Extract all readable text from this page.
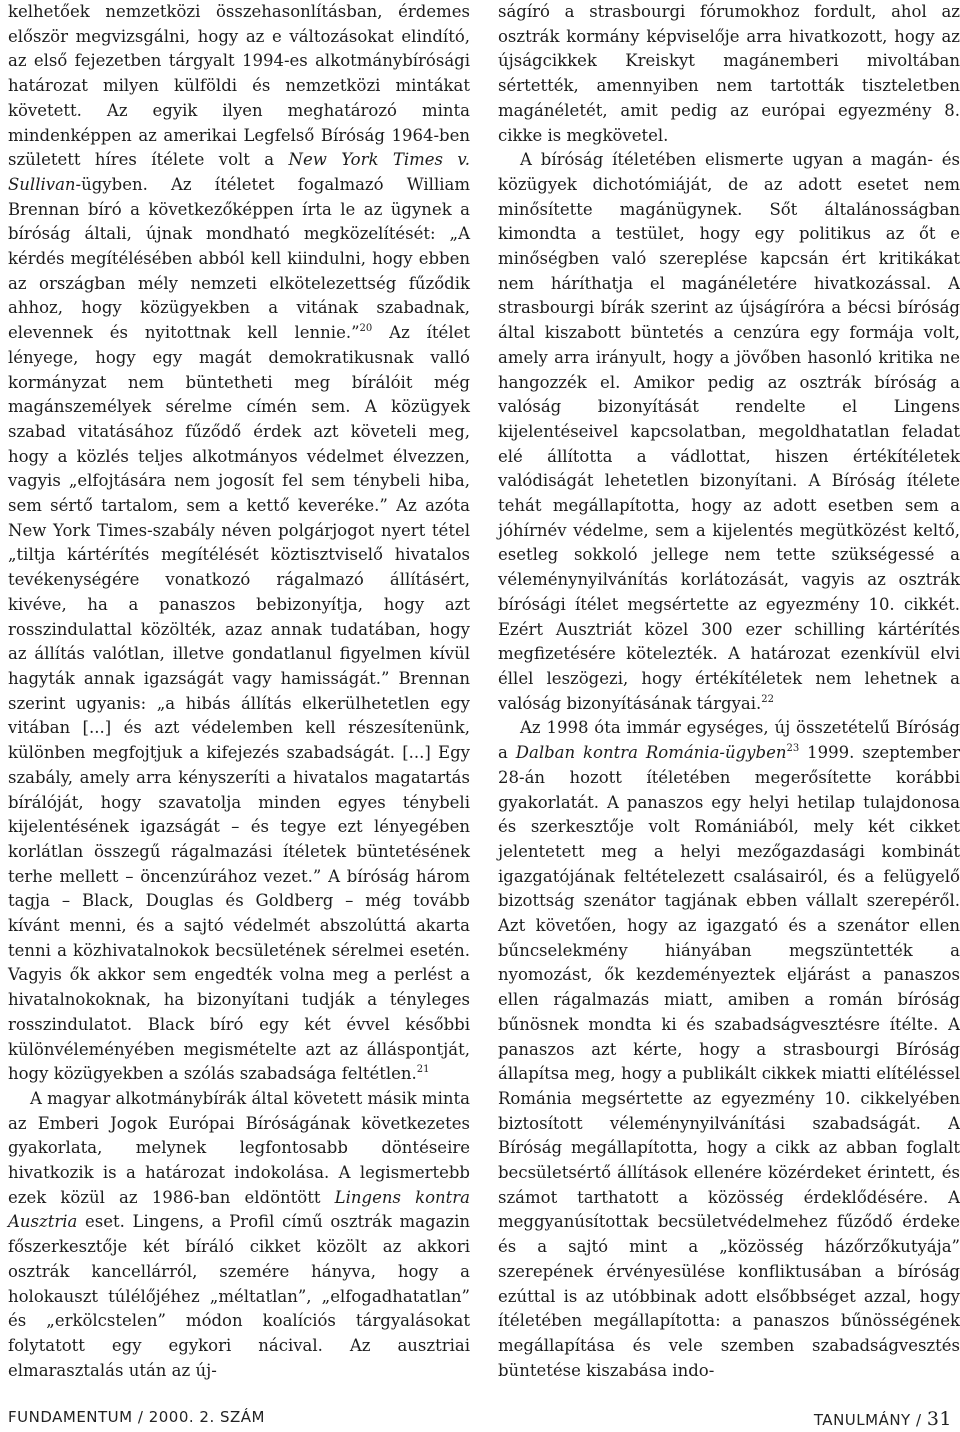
kelhetőek nemzetközi összehasonlításban, érdemes először megvizsgálni, hogy az e változásokat elindító, az első fejezetben tárgyalt 1994-es alkotmánybírósági határozat milyen külföldi és nemzetközi mintákat követett. Az egyik ilyen meghatározó minta mindenképpen az amerikai Legfelső Bíróság 1964-ben született híres ítélete volt a New York Times v. Sullivan-ügyben. Az ítéletet fogalmazó William Brennan bíró a következőképpen írta le az ügynek a bíróság általi, újnak mondható megközelítését: „A kérdés megítélésében abból kell kiindulni, hogy ebben az országban mély nemzeti elkötelezettség fűződik ahhoz, hogy közügyekben a vitának szabadnak, elevennek és nyitottnak kell lennie.”$^{20}$ Az ítélet lényege, hogy egy magát demokratikusnak valló kormányzat nem büntetheti meg bírálóit még magánszemélyek sérelme címén sem. A közügyek szabad vitatásához fűződő érdek azt követeli meg, hogy a közlés teljes alkotmányos védelmet élvezzen, vagyis „elfojtására nem jogosít fel sem ténybeli hiba, sem sértő tartalom, sem a kettő keveréke.” Az azóta New York Times-szabály néven polgárjogot nyert tétel „tiltja kártérítés megítélését köztisztviselő hivatalos tevékenységére vonatkozó rágalmazó állításért, kivéve, ha a panaszos bebizonyítja, hogy azt rosszindulattal közölték, azaz annak tudatában, hogy az állítás valótlan, illetve gondatlanul figyelmen kívül hagyták annak igazságát vagy hamisságát.” Brennan szerint ugyanis: „a hibás állítás elkerülhetetlen egy vitában [...] és azt védelemben kell részesítenünk, különben megfojtjuk a kifejezés szabadságát. [...] Egy szabály, amely arra kényszeríti a hivatalos magatartás bírálóját, hogy szavatolja minden egyes ténybeli kijelentésének igazságát – és tegye ezt lényegében korlátlan összegű rágalmazási ítéletek büntetésének terhe mellett – öncenzúrához vezet.” A bíróság három tagja – Black, Douglas és Goldberg – még tovább kívánt menni, és a sajtó védelmét abszolúttá akarta tenni a közhivatalnokok becsületének sérelmei esetén. Vagyis ők akkor sem engedték volna meg a perlést a hivatalnokoknak, ha bizonyítani tudják a tényleges rosszindulatot. Black bíró egy két évvel későbbi különvéleményében megismételte azt az álláspontját, hogy közügyekben a szólás szabadsága feltétlen.$^{21}$

A magyar alkotmánybírák által követett másik minta az Emberi Jogok Európai Bíróságának következetes gyakorlata, melynek legfontosabb döntéseire hivatkozik is a határozat indokolása. A legismertebb ezek közül az 1986-ban eldöntött Lingens kontra Ausztria eset. Lingens, a Profil című osztrák magazin főszerkesztője két bíráló cikket közölt az akkori osztrák kancellárról, szemére hányva, hogy a holokauszt túlélőjéhez „méltatlan”, „elfogadhatatlan” és „erkölcstelen” módon koalíciós tárgyalásokat folytatott egy egykori nácival. Az ausztriai elmarasztalás után az új-

ságíró a strasbourgi fórumokhoz fordult, ahol az osztrák kormány képviselője arra hivatkozott, hogy az újságcikkek Kreiskyt magánemberi mivoltában sértették, amennyiben nem tartották tiszteletben magánéletét, amit pedig az európai egyezmény 8. cikke is megkövetel.

A bíróság ítéletében elismerte ugyan a magán- és közügyek dichotómiáját, de az adott esetet nem minősítette magánügynek. Sőt általánosságban kimondta a testület, hogy egy politikus az őt e minőségben való szereplése kapcsán ért kritikákat nem háríthatja el magánéletére hivatkozással. A strasbourgi bírák szerint az újságíróra a bécsi bíróság által kiszabott büntetés a cenzúra egy formája volt, amely arra irányult, hogy a jövőben hasonló kritika ne hangozzék el. Amikor pedig az osztrák bíróság a valóság bizonyítását rendelte el Lingens kijelentéseivel kapcsolatban, megoldhatatlan feladat elé állította a vádlottat, hiszen értékítéletek valódiságát lehetetlen bizonyítani. A Bíróság ítélete tehát megállapította, hogy az adott esetben sem a jóhírnév védelme, sem a kijelentés megütközést keltő, esetleg sokkoló jellege nem tette szükségessé a véleménynyilvánítás korlátozását, vagyis az osztrák bírósági ítélet megsértette az egyezmény 10. cikkét. Ezért Ausztriát közel 300 ezer schilling kártérítés megfizetésére kötelezték. A határozat ezenkívül elvi éllel leszögezi, hogy értékítéletek nem lehetnek a valóság bizonyításának tárgyai.$^{22}$

Az 1998 óta immár egységes, új összetételű Bíróság a Dalban kontra Románia-ügyben$^{23}$ 1999. szeptember 28-án hozott ítéletében megerősítette korábbi gyakorlatát. A panaszos egy helyi hetilap tulajdonosa és szerkesztője volt Romániából, mely két cikket jelentetett meg a helyi mezőgazdasági kombinát igazgatójának feltételezett csalásairól, és a felügyelő bizottság szenátor tagjának ebben vállalt szerepéről. Azt követően, hogy az igazgató és a szenátor ellen bűncselekmény hiányában megszüntették a nyomozást, ők kezdeményeztek eljárást a panaszos ellen rágalmazás miatt, amiben a román bíróság bűnösnek mondta ki és szabadságvesztésre ítélte. A panaszos azt kérte, hogy a strasbourgi Bíróság állapítsa meg, hogy a publikált cikkek miatti elítéléssel Románia megsértette az egyezmény 10. cikkelyében biztosított véleménynyilvánítási szabadságát. A Bíróság megállapította, hogy a cikk az abban foglalt becsületsértő állítások ellenére közérdeket érintett, és számot tarthatott a közösség érdeklődésére. A meggyanúsítottak becsületvédelmehez fűződő érdeke és a sajtó mint a „közösség házőrzőkutyája” szerepének érvényesülése konfliktusában a bíróság ezúttal is az utóbbinak adott elsőbbséget azzal, hogy ítéletében megállapította: a panaszos bűnösségének megállapítása és vele szemben szabadságvesztés büntetése kiszabása indo-

FUNDAMENTUM / 2000. 2. SZÁM	TANULMÁNY / 31
